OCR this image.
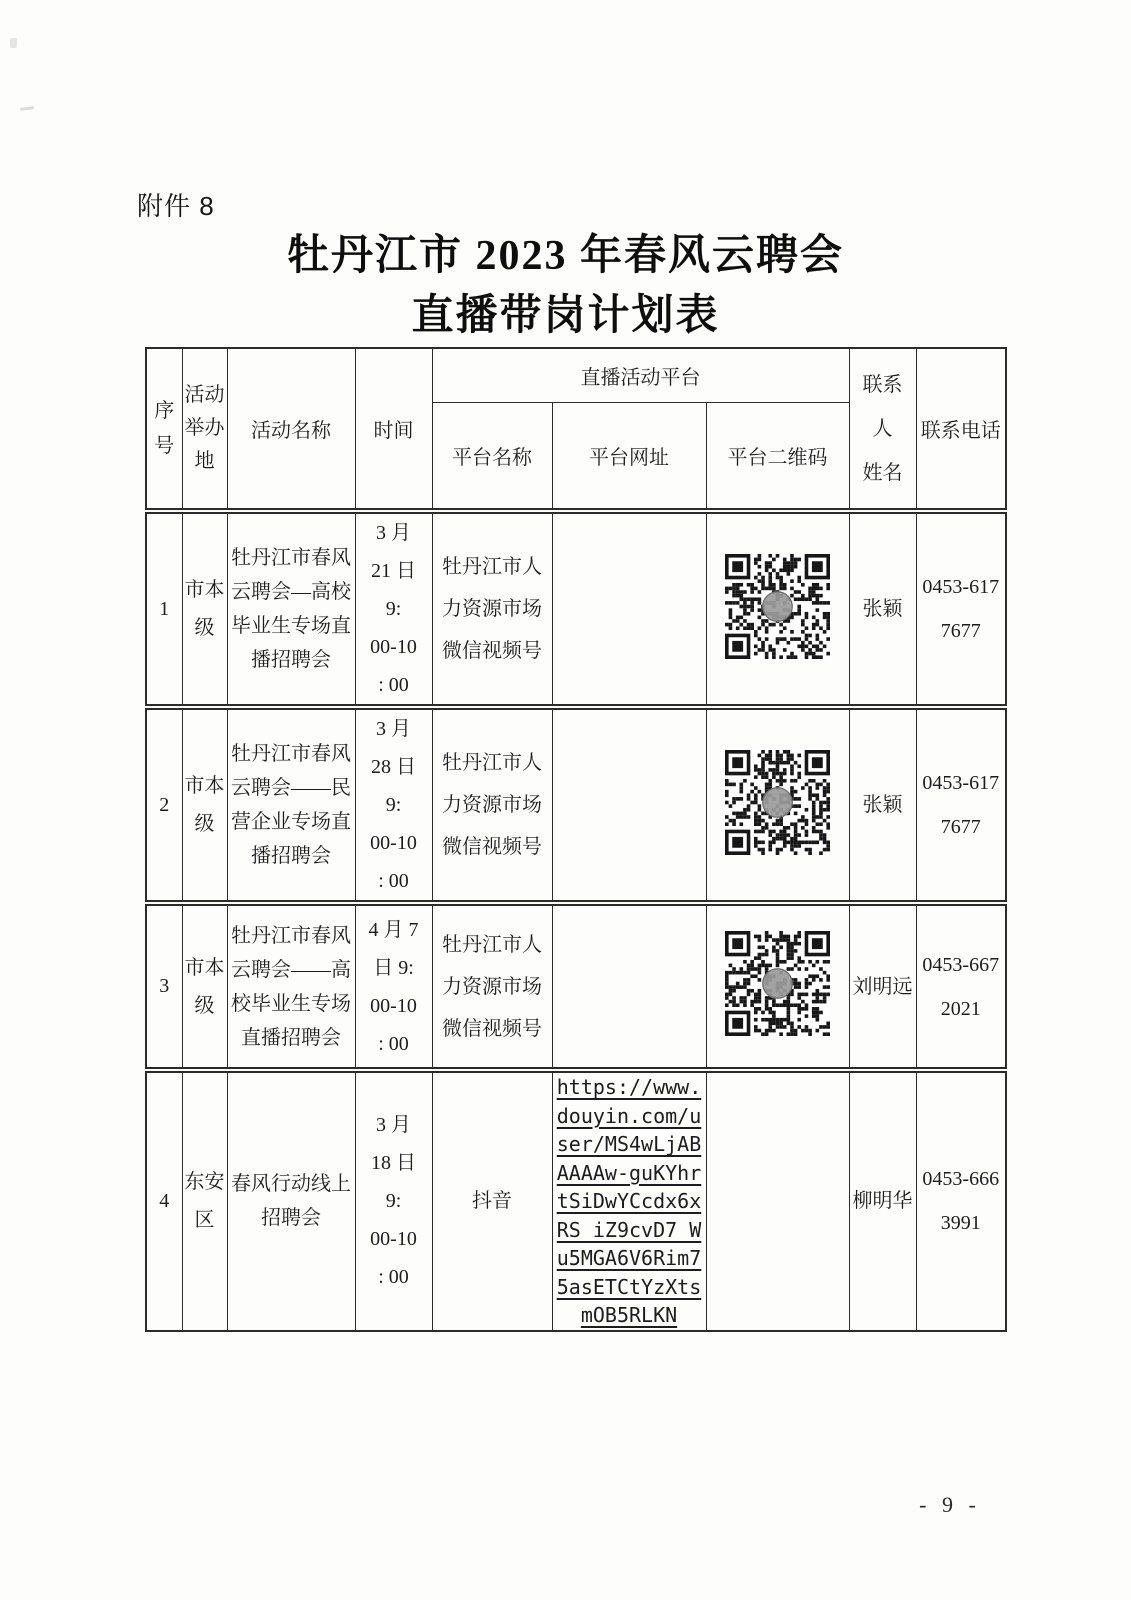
附件 8
牡丹江市 2023 年春风云聘会
直播带岗计划表
序号	活动举办地	活动名称	时间	直播活动平台			联系
人
姓名	联系电话
				平台名称	平台网址	平台二维码		
1	市本级	牡丹江市春风云聘会—高校毕业生专场直播招聘会	3 月
21 日
9:
00-10
: 00	牡丹江市人力资源市场微信视频号			张颖	0453-617
7677
2	市本级	牡丹江市春风云聘会——民营企业专场直播招聘会	3 月
28 日
9:
00-10
: 00	牡丹江市人力资源市场微信视频号			张颖	0453-617
7677
3	市本级	牡丹江市春风云聘会——高校毕业生专场直播招聘会	4 月 7
日 9:
00-10
: 00	牡丹江市人力资源市场微信视频号			刘明远	0453-667
2021
4	东安区	春风行动线上招聘会	3 月
18 日
9:
00-10
: 00	抖音	https://www.douyin.com/user/MS4wLjABAAAAw-guKYhrtSiDwYCcdx6xRS_iZ9cvD7_Wu5MGA6V6Rim75asETCtYzXtsmOB5RLKN		柳明华	0453-666
3991
- 9 -
